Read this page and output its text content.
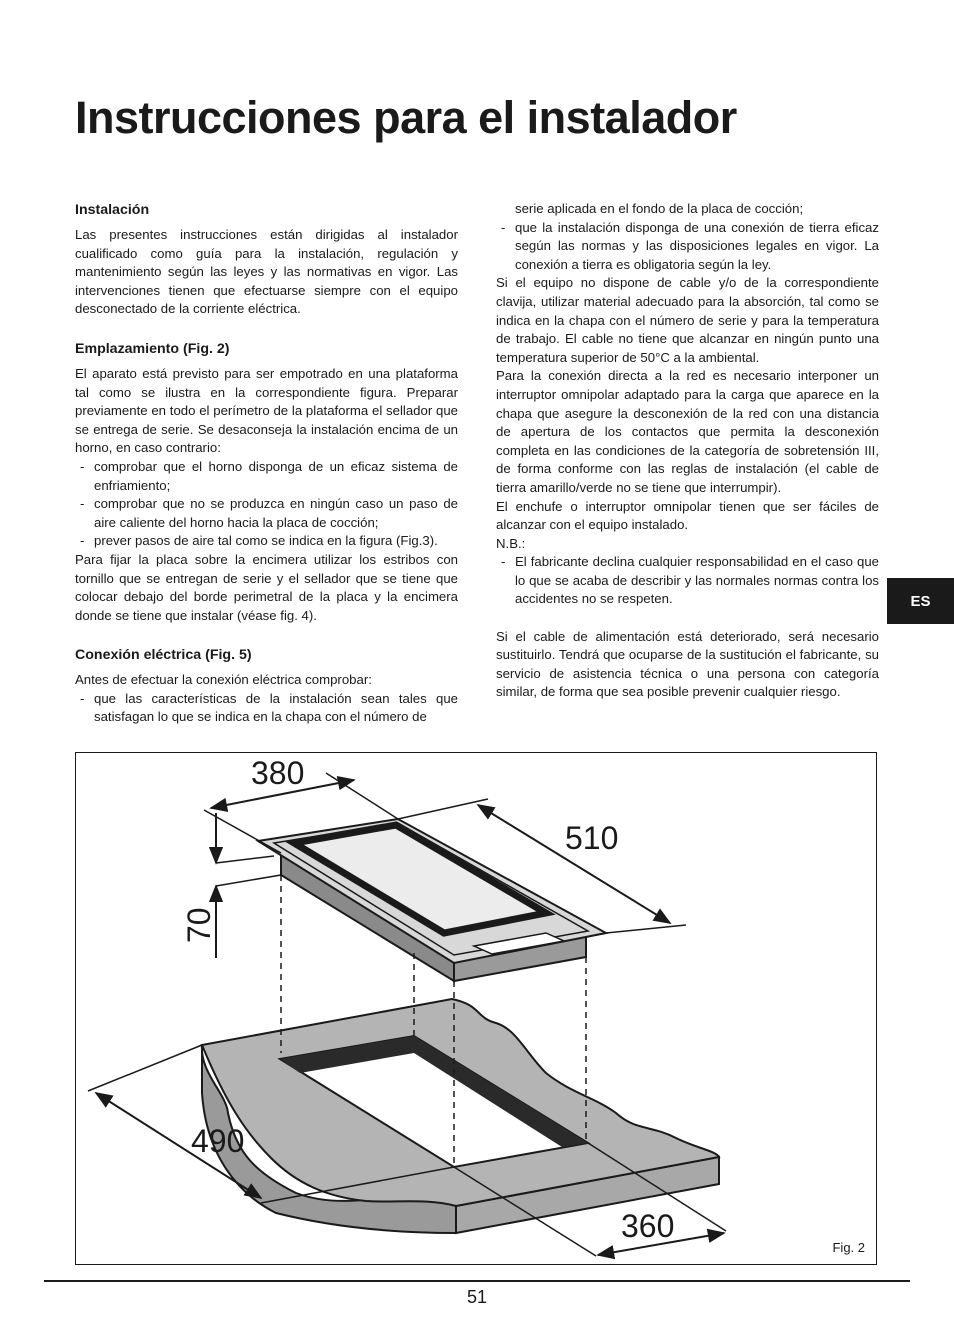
Instrucciones para el instalador
Instalación

Las presentes instrucciones están dirigidas al instalador cualificado como guía para la instalación, regulación y mantenimiento según las leyes y las normativas en vigor. Las intervenciones tienen que efectuarse siempre con el equipo desconectado de la corriente eléctrica.

Emplazamiento (Fig. 2)

El aparato está previsto para ser empotrado en una plataforma tal como se ilustra en la correspondiente figura. Preparar previamente en todo el perímetro de la plataforma el sellador que se entrega de serie. Se desaconseja la instalación encima de un horno, en caso contrario:

- comprobar que el horno disponga de un eficaz sistema de enfriamiento;
- comprobar que no se produzca en ningún caso un paso de aire caliente del horno hacia la placa de cocción;
- prever pasos de aire tal como se indica en la figura (Fig.3).

Para fijar la placa sobre la encimera utilizar los estribos con tornillo que se entregan de serie y el sellador que se tiene que colocar debajo del borde perimetral de la placa y la encimera donde se tiene que instalar (véase fig. 4).

Conexión eléctrica (Fig. 5)

Antes de efectuar la conexión eléctrica comprobar:

- que las características de la instalación sean tales que satisfagan lo que se indica en la chapa con el número de

serie aplicada en el fondo de la placa de cocción;

- que la instalación disponga de una conexión de tierra eficaz según las normas y las disposiciones legales en vigor. La conexión a tierra es obligatoria según la ley.

Si el equipo no dispone de cable y/o de la correspondiente clavija, utilizar material adecuado para la absorción, tal como se indica en la chapa con el número de serie y para la temperatura de trabajo. El cable no tiene que alcanzar en ningún punto una temperatura superior de 50°C a la ambiental.

Para la conexión directa a la red es necesario interponer un interruptor omnipolar adaptado para la carga que aparece en la chapa que asegure la desconexión de la red con una distancia de apertura de los contactos que permita la desconexión completa en las condiciones de la categoría de sobretensión III, de forma conforme con las reglas de instalación (el cable de tierra amarillo/verde no se tiene que interrumpir).

El enchufe o interruptor omnipolar tienen que ser fáciles de alcanzar con el equipo instalado.

N.B.:

- El fabricante declina cualquier responsabilidad en el caso que lo que se acaba de describir y las normales normas contra los accidentes no se respeten.

Si el cable de alimentación está deteriorado, será necesario sustituirlo. Tendrá que ocuparse de la sustitución el fabricante, su servicio de asistencia técnica o una persona con categoría similar, de forma que sea posible prevenir cualquier riesgo.

ES
380
510
70
490
360
Fig. 2
51
